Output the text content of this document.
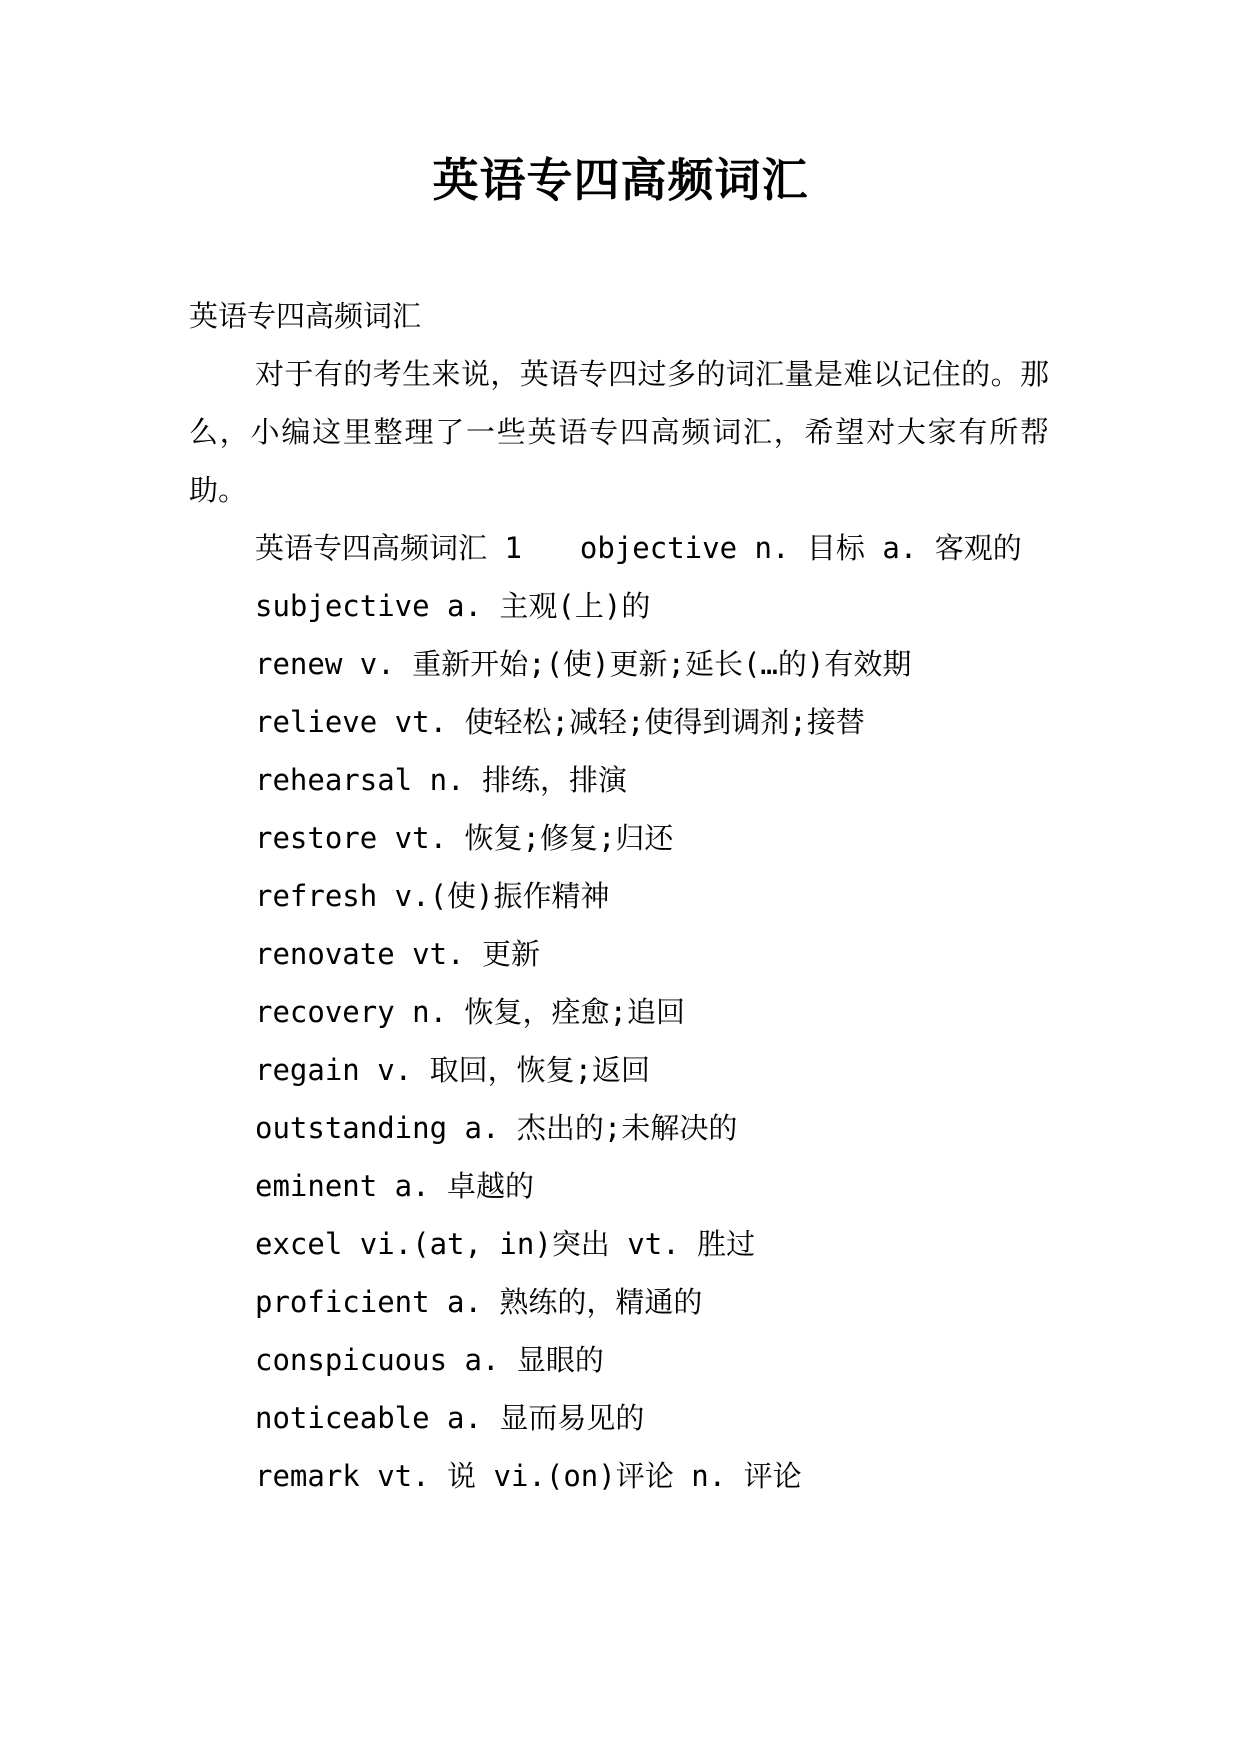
英语专四高频词汇

英语专四高频词汇

对于有的考生来说，英语专四过多的词汇量是难以记住的。那么，小编这里整理了一些英语专四高频词汇，希望对大家有所帮助。

英语专四高频词汇 1　　objective n. 目标 a. 客观的

subjective a. 主观(上)的
renew v. 重新开始;(使)更新;延长(…的)有效期
relieve vt. 使轻松;减轻;使得到调剂;接替
rehearsal n. 排练，排演
restore vt. 恢复;修复;归还
refresh v.(使)振作精神
renovate vt. 更新
recovery n. 恢复，痊愈;追回
regain v. 取回，恢复;返回
outstanding a. 杰出的;未解决的
eminent a. 卓越的
excel vi.(at, in)突出 vt. 胜过
proficient a. 熟练的，精通的
conspicuous a. 显眼的
noticeable a. 显而易见的
remark vt. 说 vi.(on)评论 n. 评论
